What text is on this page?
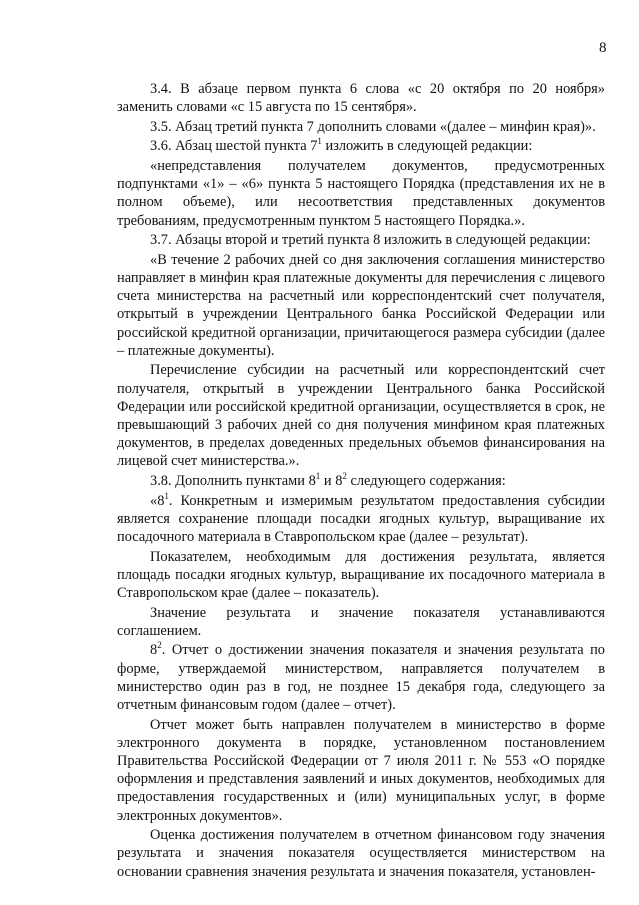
8

3.4. В абзаце первом пункта 6 слова «с 20 октября по 20 ноября» заменить словами «с 15 августа по 15 сентября».

3.5. Абзац третий пункта 7 дополнить словами «(далее – минфин края)».

3.6. Абзац шестой пункта $7^1$ изложить в следующей редакции:

«непредставления получателем документов, предусмотренных подпунктами «1» – «6» пункта 5 настоящего Порядка (представления их не в полном объеме), или несоответствия представленных документов требованиям, предусмотренным пунктом 5 настоящего Порядка.».

3.7. Абзацы второй и третий пункта 8 изложить в следующей редакции:

«В течение 2 рабочих дней со дня заключения соглашения министерство направляет в минфин края платежные документы для перечисления с лицевого счета министерства на расчетный или корреспондентский счет получателя, открытый в учреждении Центрального банка Российской Федерации или российской кредитной организации, причитающегося размера субсидии (далее – платежные документы).

Перечисление субсидии на расчетный или корреспондентский счет получателя, открытый в учреждении Центрального банка Российской Федерации или российской кредитной организации, осуществляется в срок, не превышающий 3 рабочих дней со дня получения минфином края платежных документов, в пределах доведенных предельных объемов финансирования на лицевой счет министерства.».

3.8. Дополнить пунктами $8^1$ и $8^2$ следующего содержания:

«$8^1$. Конкретным и измеримым результатом предоставления субсидии является сохранение площади посадки ягодных культур, выращивание их посадочного материала в Ставропольском крае (далее – результат).

Показателем, необходимым для достижения результата, является площадь посадки ягодных культур, выращивание их посадочного материала в Ставропольском крае (далее – показатель).

Значение результата и значение показателя устанавливаются соглашением.

$8^2$. Отчет о достижении значения показателя и значения результата по форме, утверждаемой министерством, направляется получателем в министерство один раз в год, не позднее 15 декабря года, следующего за отчетным финансовым годом (далее – отчет).

Отчет может быть направлен получателем в министерство в форме электронного документа в порядке, установленном постановлением Правительства Российской Федерации от 7 июля 2011 г. № 553 «О порядке оформления и представления заявлений и иных документов, необходимых для предоставления государственных и (или) муниципальных услуг, в форме электронных документов».

Оценка достижения получателем в отчетном финансовом году значения результата и значения показателя осуществляется министерством на основании сравнения значения результата и значения показателя, установлен-
